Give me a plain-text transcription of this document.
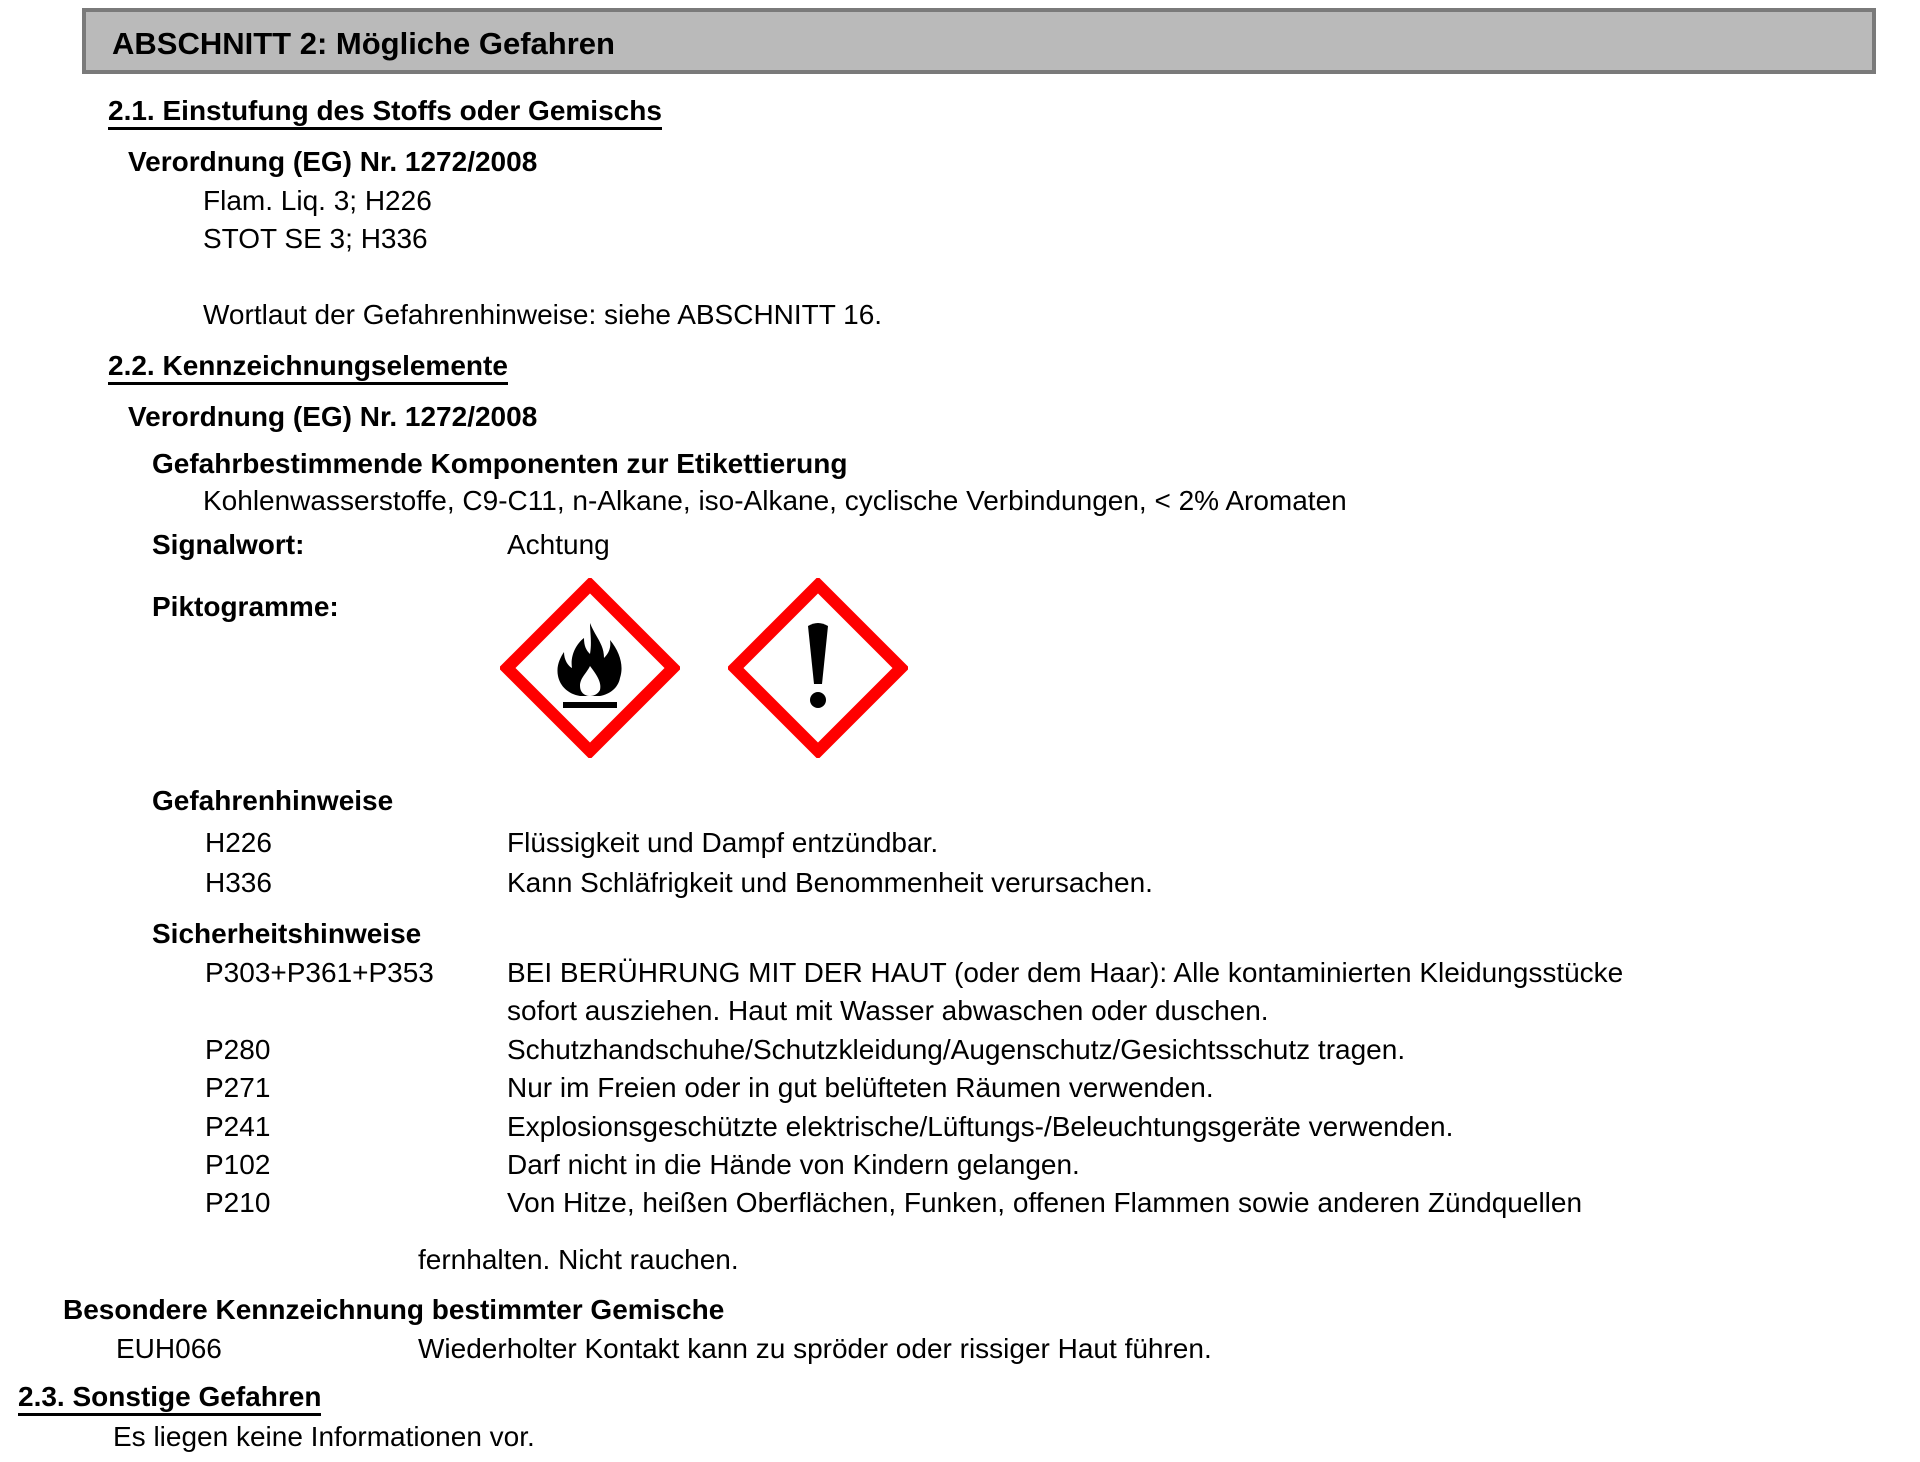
ABSCHNITT 2: Mögliche Gefahren
2.1. Einstufung des Stoffs oder Gemischs
Verordnung (EG) Nr. 1272/2008
Flam. Liq. 3; H226
STOT SE 3; H336
Wortlaut der Gefahrenhinweise: siehe ABSCHNITT 16.
2.2. Kennzeichnungselemente
Verordnung (EG) Nr. 1272/2008
Gefahrbestimmende Komponenten zur Etikettierung
Kohlenwasserstoffe, C9-C11, n-Alkane, iso-Alkane, cyclische Verbindungen, < 2% Aromaten
Signalwort:	Achtung
Piktogramme:
Gefahrenhinweise
H226	Flüssigkeit und Dampf entzündbar.
H336	Kann Schläfrigkeit und Benommenheit verursachen.
Sicherheitshinweise
P303+P361+P353	BEI BERÜHRUNG MIT DER HAUT (oder dem Haar): Alle kontaminierten Kleidungsstücke
sofort ausziehen. Haut mit Wasser abwaschen oder duschen.
P280	Schutzhandschuhe/Schutzkleidung/Augenschutz/Gesichtsschutz tragen.
P271	Nur im Freien oder in gut belüfteten Räumen verwenden.
P241	Explosionsgeschützte elektrische/Lüftungs-/Beleuchtungsgeräte verwenden.
P102	Darf nicht in die Hände von Kindern gelangen.
P210	Von Hitze, heißen Oberflächen, Funken, offenen Flammen sowie anderen Zündquellen
fernhalten. Nicht rauchen.
Besondere Kennzeichnung bestimmter Gemische
EUH066	Wiederholter Kontakt kann zu spröder oder rissiger Haut führen.
2.3. Sonstige Gefahren
Es liegen keine Informationen vor.
